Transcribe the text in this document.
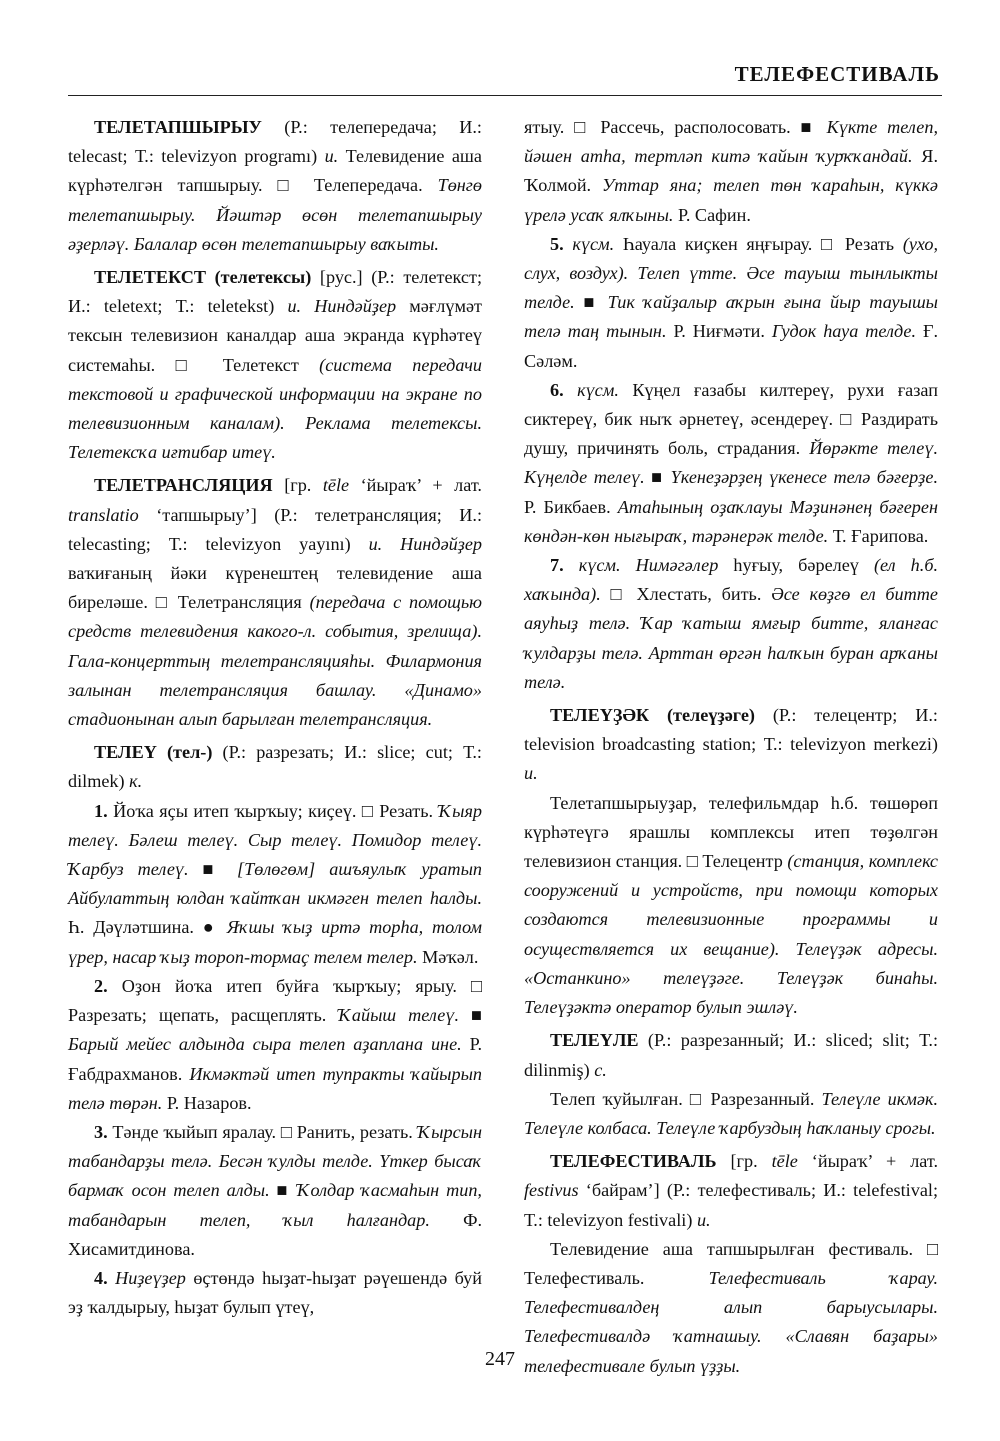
ТЕЛЕФЕСТИВАЛЬ

ТЕЛЕТАПШЫРЫУ (Р.: телепередача; И.: telecast; Т.: televizyon programı) u. Телевидение аша күрһәтелгән тапшырыу. □ Телепередача. Төнгө телетапшырыу. Йәштәр өсөн телетапшырыу әҙерләү. Балалар өсөн телетапшырыу ваҡыты.

ТЕЛЕТЕКСТ (телетексы) [рус.] (Р.: телетекст; И.: teletext; Т.: teletekst) u. Ниндәйҙер мәғлүмәт тексын телевизион каналдар аша экранда күрһәтеү системаһы. □ Телетекст (система передачи текстовой и графической информации на экране по телевизионным каналам). Реклама телетексы. Телетексҡа иғтибар итеү.

ТЕЛЕТРАНСЛЯЦИЯ [гр. tēle ‘йыраҡ’ + лат. translatio ‘тапшырыу’] (Р.: телетрансляция; И.: telecasting; Т.: televizyon yayını) u. Ниндәйҙер ваҡиғаның йәки күренештең телевидение аша биреләше. □ Телетрансляция (передача с помощью средств телевидения какого-л. события, зрелища). Гала-концерттың телетрансляцияһы. Филармония залынан телетрансляция башлау. «Динамо» стадионынан алып барылған телетрансляция.

ТЕЛЕҮ (тел-) (Р.: разрезать; И.: slice; cut; Т.: dilmek) к.

1. Йоҡа яҫы итеп ҡырҡыу; киҫеү. □ Резать. Ҡыяр телеү. Бәлеш телеү. Сыр телеү. Помидор телеү. Ҡарбуз телеү. ■ [Төлөгөм] ашъяулыҡ уратып Айбулаттың юлдан ҡайтҡан икмәген телеп һалды. Һ. Дәүләтшина. ● Яҡшы ҡыҙ иртә торһа, толом үрер, насар ҡыҙ тороп-тормаҫ телем телер. Мәҡәл.

2. Оҙон йоҡа итеп буйға ҡырҡыу; ярыу. □ Разрезать; щепать, расщеплять. Ҡайыш телеү. ■ Барый мейес алдында сыра телеп аҙаплана ине. Р. Ғабдрахманов. Икмәктәй итеп тупракты ҡайырып телә төрән. Р. Назаров.

3. Тәнде ҡыйып яралау. □ Ранить, резать. Ҡырсын табандарҙы телә. Бесән ҡулды телде. Үткер бысаҡ бармаҡ осон телеп алды. ■ Ҡолдар ҡасмаһын тип, табандарын телеп, ҡыл һалғандар. Ф. Хисамитдинова.

4. Ниҙеүҙер өҫтөндә һыҙат-һыҙат рәүешендә буй эҙ ҡалдырыу, һыҙат булып үтеү,

ятыу. □ Рассечь, располосовать. ■ Күкте телеп, йәшен атһа, тертләп китә ҡайын ҡурҡҡандай. Я. Ҡолмой. Уттар яна; телеп төн ҡараһын, күккә үрелә усаҡ ялҡыны. Р. Сафин.

5. күсм. Һауала киҫкен яңғырау. □ Резать (ухо, слух, воздух). Телеп үтте. Әсе тауыш тынлыкты телде. ■ Тик ҡайҙалыр аҡрын ғына йыр тауышы телә таң тынын. Р. Ниғмәти. Гудок һауа телде. Ғ. Сәләм.

6. күсм. Күңел ғазабы килтереү, рухи ғазап сиктереү, бик ныҡ әрнетеү, әсендереү. □ Раздирать душу, причинять боль, страдания. Йөрәкте телеү. Күңелде телеү. ■ Үкенеҙәрҙең үкенесе телә бәғерҙе. Р. Бикбаев. Атаһының оҙаҡлауы Мәҙинәнең бәғерен көндән-көн нығыраҡ, тәрәнерәк телде. Т. Ғарипова.

7. күсм. Нимәгәлер һуғыу, бәрелеү (ел һ.б. хаҡында). □ Хлестать, бить. Әсе көҙгө ел битте аяуһыҙ телә. Ҡар ҡатыш ямғыр битте, яланғас ҡулдарҙы телә. Арттан өргән һалҡын буран арҡаны телә.

ТЕЛЕҮҘӘК (телеүҙәге) (Р.: телецентр; И.: television broadcasting station; Т.: televizyon merkezi) u.

Телетапшырыуҙар, телефильмдар һ.б. төшөрөп күрһәтеүгә ярашлы комплексы итеп төҙөлгән телевизион станция. □ Телецентр (станция, комплекс сооружений и устройств, при помощи которых создаются телевизионные программы и осуществляется их вещание). Телеүҙәк адресы. «Останкино» телеүҙәге. Телеүҙәк бинаһы. Телеүҙәктә оператор булып эшләү.

ТЕЛЕҮЛЕ (Р.: разрезанный; И.: sliced; slit; Т.: dilinmiş) c.

Телеп ҡуйылған. □ Разрезанный. Телеүле икмәк. Телеүле колбаса. Телеүле ҡарбуздың һаҡланыу срогы.

ТЕЛЕФЕСТИВАЛЬ [гр. tēle ‘йыраҡ’ + лат. festivus ‘байрам’] (Р.: телефестиваль; И.: telefestival; Т.: televizyon festivali) u.

Телевидение аша тапшырылған фестиваль. □ Телефестиваль. Телефестиваль ҡарау. Телефестивалдең алып барыусылары. Телефестивалдә ҡатнашыу. «Славян баҙары» телефестивале булып үҙҙы.

247
